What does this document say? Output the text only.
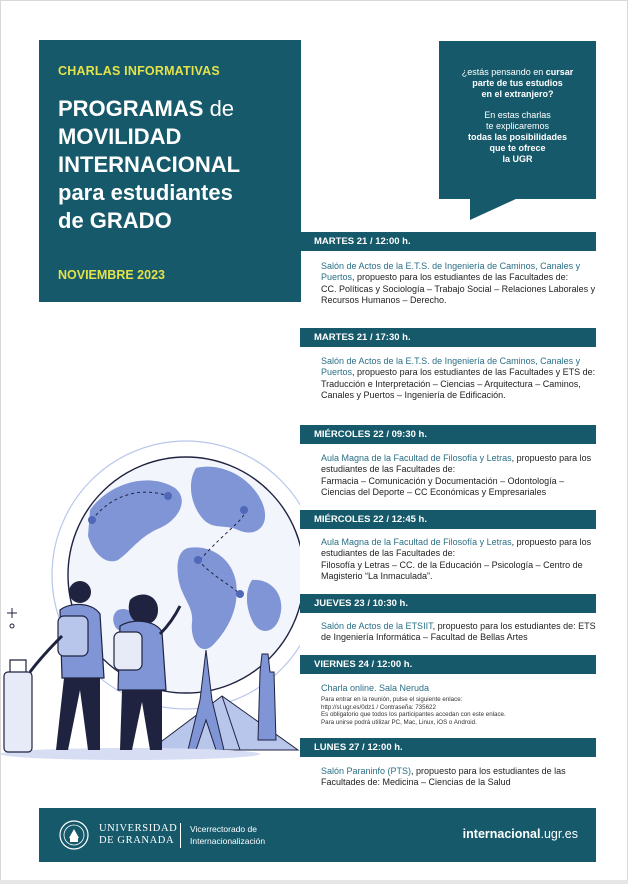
CHARLAS INFORMATIVAS
PROGRAMAS de
MOVILIDAD
INTERNACIONAL
para estudiantes
de GRADO
NOVIEMBRE 2023

¿estás pensando en cursar
parte de tus estudios
en el extranjero?

En estas charlas
te explicaremos
todas las posibilidades
que te ofrece
la UGR

MARTES 21 / 12:00 h.
Salón de Actos de la E.T.S. de Ingeniería de Caminos, Canales y Puertos, propuesto para los estudiantes de las Facultades de:
CC. Políticas y Sociología – Trabajo Social – Relaciones Laborales y Recursos Humanos – Derecho.
MARTES 21 / 17:30 h.
Salón de Actos de la E.T.S. de Ingeniería de Caminos, Canales y Puertos, propuesto para los estudiantes de las Facultades y ETS de: Traducción e Interpretación – Ciencias – Arquitectura – Caminos, Canales y Puertos – Ingeniería de Edificación.
MIÉRCOLES 22 / 09:30 h.
Aula Magna de la Facultad de Filosofía y Letras, propuesto para los estudiantes de las Facultades de:
Farmacia – Comunicación y Documentación – Odontología – Ciencias del Deporte – CC Económicas y Empresariales
MIÉRCOLES 22 / 12:45 h.
Aula Magna de la Facultad de Filosofía y Letras, propuesto para los estudiantes de las Facultades de:
Filosofía y Letras – CC. de la Educación – Psicología – Centro de Magisterio “La Inmaculada”.
JUEVES 23 / 10:30 h.
Salón de Actos de la ETSIIT, propuesto para los estudiantes de: ETS de Ingeniería Informática – Facultad de Bellas Artes
VIERNES 24 / 12:00 h.
Charla online. Sala Neruda
Para entrar en la reunión, pulse el siguiente enlace:
http://sl.ugr.es/0dz1 / Contraseña: 735622
Es obligatorio que todos los participantes accedan con este enlace.
Para unirse podrá utilizar PC, Mac, Linux, iOS o Android.
LUNES 27 / 12:00 h.
Salón Paraninfo (PTS), propuesto para los estudiantes de las Facultades de: Medicina – Ciencias de la Salud
UNIVERSIDAD
DE GRANADA
Vicerrectorado de
Internacionalización	internacional.ugr.es
